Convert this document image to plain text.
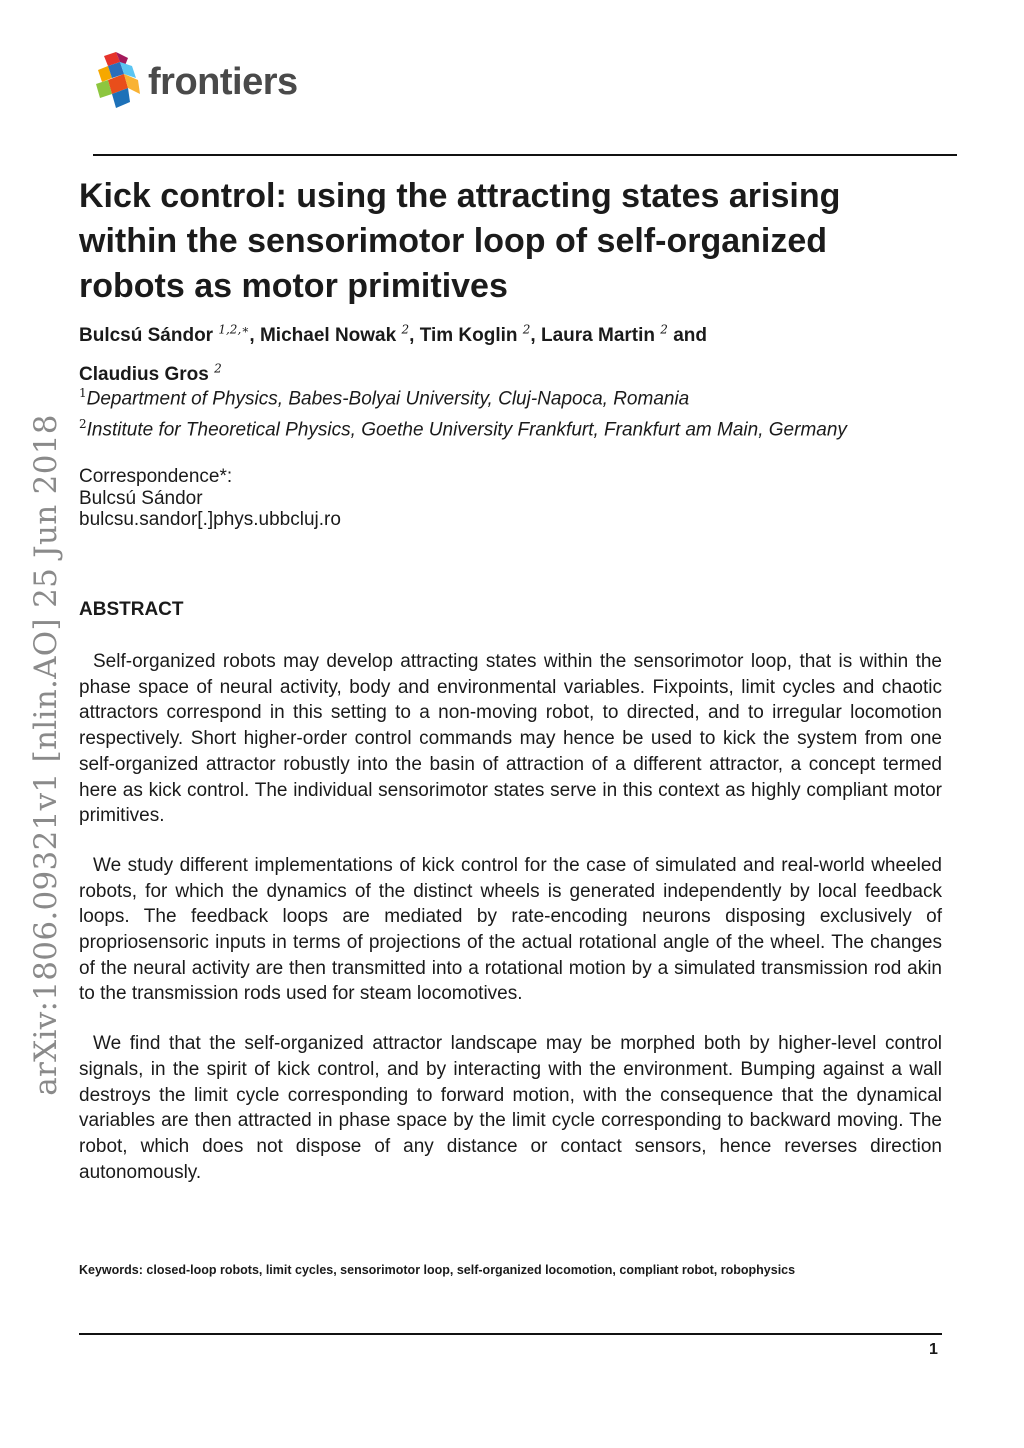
frontiers
arXiv:1806.09321v1 [nlin.AO] 25 Jun 2018
Kick control: using the attracting states arising within the sensorimotor loop of self-organized robots as motor primitives
Bulcsú Sándor $^{1,2,∗}$, Michael Nowak $^2$, Tim Koglin $^2$, Laura Martin $^2$ and
Claudius Gros $^2$
$^1$Department of Physics, Babes-Bolyai University, Cluj-Napoca, Romania
$^2$Institute for Theoretical Physics, Goethe University Frankfurt, Frankfurt am Main, Germany
Correspondence*:
Bulcsú Sándor
bulcsu.sandor[.]phys.ubbcluj.ro
ABSTRACT

Self-organized robots may develop attracting states within the sensorimotor loop, that is within the phase space of neural activity, body and environmental variables. Fixpoints, limit cycles and chaotic attractors correspond in this setting to a non-moving robot, to directed, and to irregular locomotion respectively. Short higher-order control commands may hence be used to kick the system from one self-organized attractor robustly into the basin of attraction of a different attractor, a concept termed here as kick control. The individual sensorimotor states serve in this context as highly compliant motor primitives.

We study different implementations of kick control for the case of simulated and real-world wheeled robots, for which the dynamics of the distinct wheels is generated independently by local feedback loops. The feedback loops are mediated by rate-encoding neurons disposing exclusively of propriosensoric inputs in terms of projections of the actual rotational angle of the wheel. The changes of the neural activity are then transmitted into a rotational motion by a simulated transmission rod akin to the transmission rods used for steam locomotives.

We find that the self-organized attractor landscape may be morphed both by higher-level control signals, in the spirit of kick control, and by interacting with the environment. Bumping against a wall destroys the limit cycle corresponding to forward motion, with the consequence that the dynamical variables are then attracted in phase space by the limit cycle corresponding to backward moving. The robot, which does not dispose of any distance or contact sensors, hence reverses direction autonomously.

Keywords: closed-loop robots, limit cycles, sensorimotor loop, self-organized locomotion, compliant robot, robophysics
1
